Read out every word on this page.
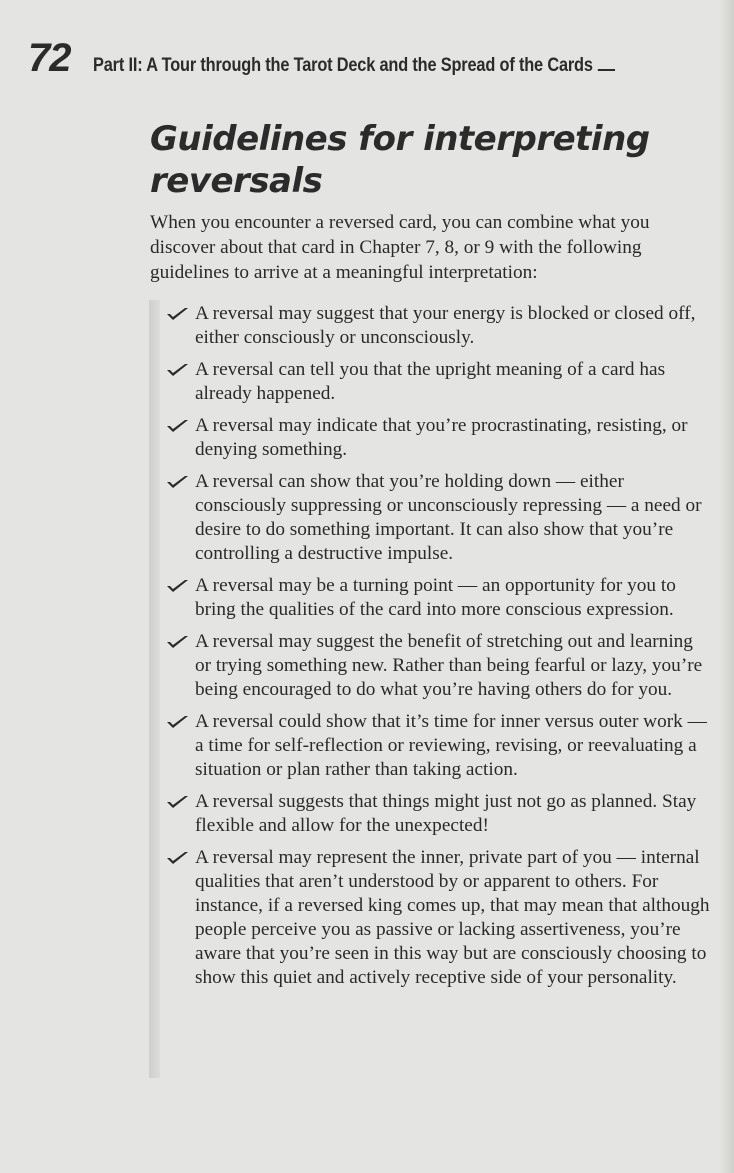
72 Part II: A Tour through the Tarot Deck and the Spread of the Cards
Guidelines for interpreting reversals

When you encounter a reversed card, you can combine what you discover about that card in Chapter 7, 8, or 9 with the following guidelines to arrive at a meaningful interpretation:

A reversal may suggest that your energy is blocked or closed off, either consciously or unconsciously.
A reversal can tell you that the upright meaning of a card has already happened.
A reversal may indicate that you’re procrastinating, resisting, or denying something.
A reversal can show that you’re holding down — either consciously suppressing or unconsciously repressing — a need or desire to do something important. It can also show that you’re controlling a destructive impulse.
A reversal may be a turning point — an opportunity for you to bring the qualities of the card into more conscious expression.
A reversal may suggest the benefit of stretching out and learning or trying something new. Rather than being fearful or lazy, you’re being encouraged to do what you’re having others do for you.
A reversal could show that it’s time for inner versus outer work — a time for self-reflection or reviewing, revising, or reevaluating a situation or plan rather than taking action.
A reversal suggests that things might just not go as planned. Stay flexible and allow for the unexpected!
A reversal may represent the inner, private part of you — internal qualities that aren’t understood by or apparent to others. For instance, if a reversed king comes up, that may mean that although people perceive you as passive or lacking assertiveness, you’re aware that you’re seen in this way but are consciously choosing to show this quiet and actively receptive side of your personality.
